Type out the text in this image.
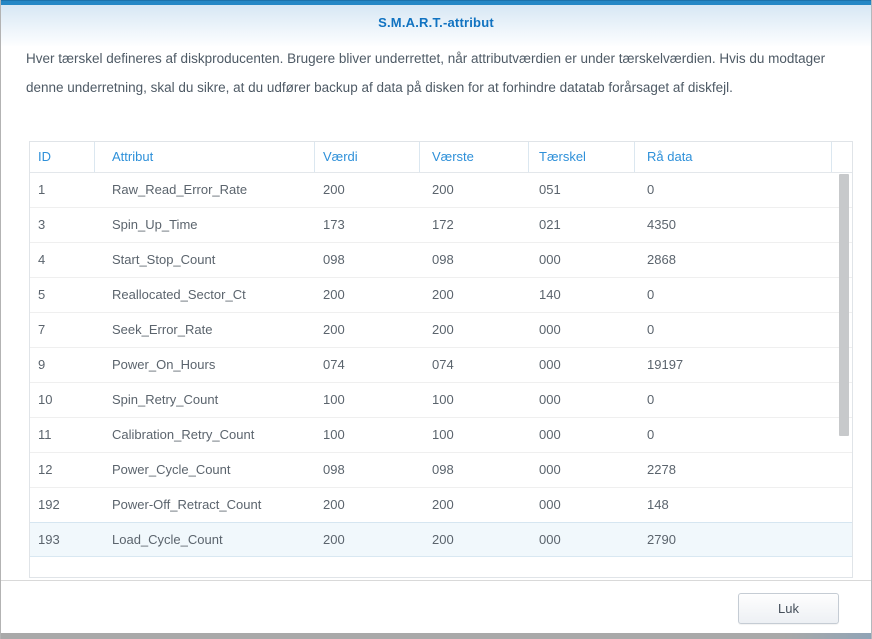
S.M.A.R.T.-attribut

Hver tærskel defineres af diskproducenten. Brugere bliver underrettet, når attributværdien er under tærskelværdien. Hvis du modtager denne underretning, skal du sikre, at du udfører backup af data på disken for at forhindre datatab forårsaget af diskfejl.

ID	Attribut	Værdi	Værste	Tærskel	Rå data
1	Raw_Read_Error_Rate	200	200	051	0
3	Spin_Up_Time	173	172	021	4350
4	Start_Stop_Count	098	098	000	2868
5	Reallocated_Sector_Ct	200	200	140	0
7	Seek_Error_Rate	200	200	000	0
9	Power_On_Hours	074	074	000	19197
10	Spin_Retry_Count	100	100	000	0
11	Calibration_Retry_Count	100	100	000	0
12	Power_Cycle_Count	098	098	000	2278
192	Power-Off_Retract_Count	200	200	000	148
193	Load_Cycle_Count	200	200	000	2790
Luk
